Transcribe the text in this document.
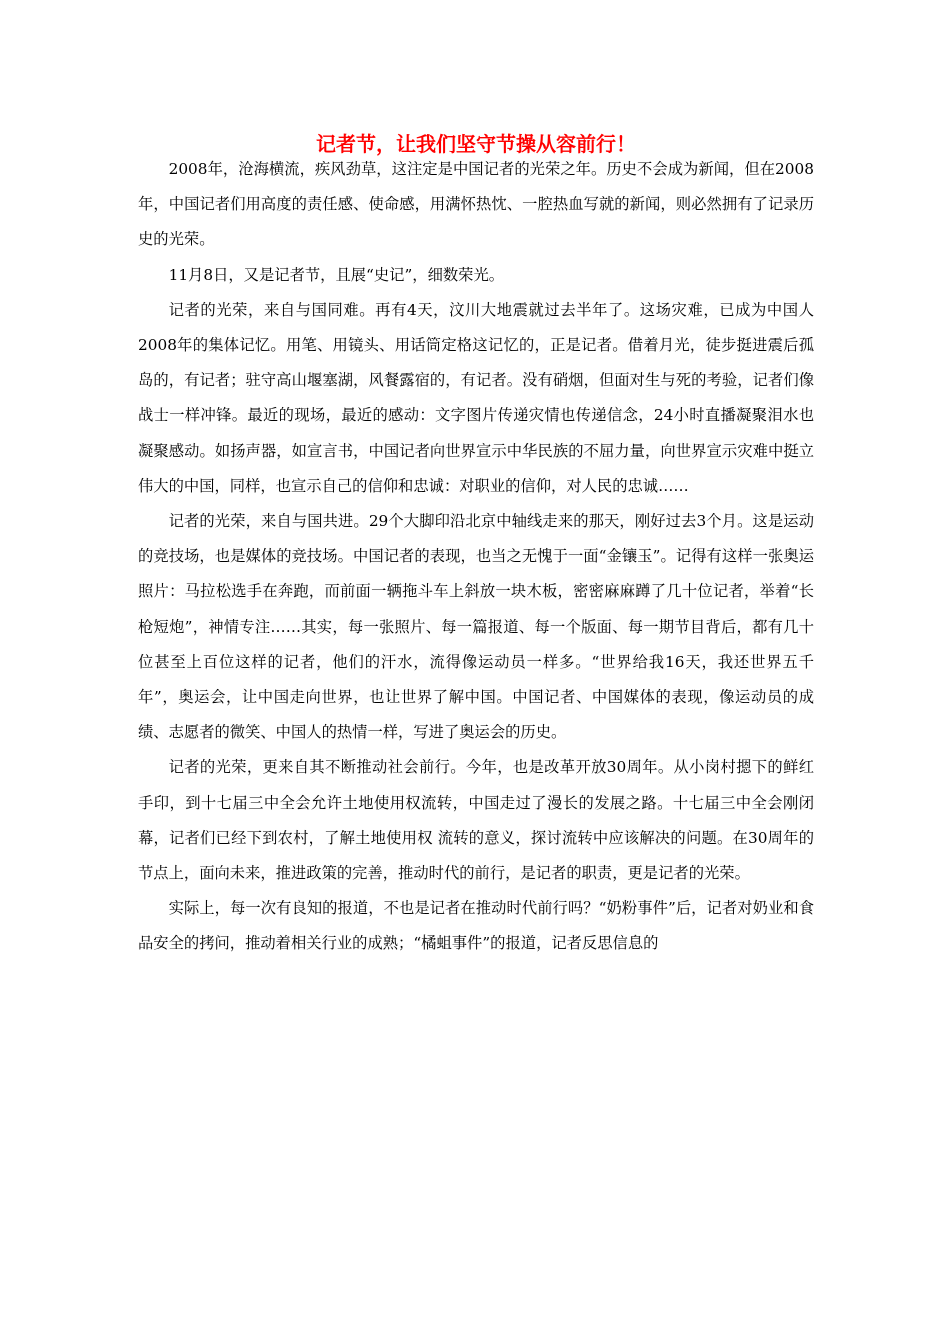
记者节，让我们坚守节操从容前行！

2008年，沧海横流，疾风劲草，这注定是中国记者的光荣之年。历史不会成为新闻，但在2008年，中国记者们用高度的责任感、使命感，用满怀热忱、一腔热血写就的新闻，则必然拥有了记录历史的光荣。

11月8日，又是记者节，且展“史记”，细数荣光。

记者的光荣，来自与国同难。再有4天，汶川大地震就过去半年了。这场灾难，已成为中国人2008年的集体记忆。用笔、用镜头、用话筒定格这记忆的，正是记者。借着月光，徒步挺进震后孤岛的，有记者；驻守高山堰塞湖，风餐露宿的，有记者。没有硝烟，但面对生与死的考验，记者们像战士一样冲锋。最近的现场，最近的感动：文字图片传递灾情也传递信念，24小时直播凝聚泪水也凝聚感动。如扬声器，如宣言书，中国记者向世界宣示中华民族的不屈力量，向世界宣示灾难中挺立伟大的中国，同样，也宣示自己的信仰和忠诚：对职业的信仰，对人民的忠诚……

记者的光荣，来自与国共进。29个大脚印沿北京中轴线走来的那天，刚好过去3个月。这是运动的竞技场，也是媒体的竞技场。中国记者的表现，也当之无愧于一面“金镶玉”。记得有这样一张奥运照片：马拉松选手在奔跑，而前面一辆拖斗车上斜放一块木板，密密麻麻蹲了几十位记者，举着“长枪短炮”，神情专注……其实，每一张照片、每一篇报道、每一个版面、每一期节目背后，都有几十位甚至上百位这样的记者，他们的汗水，流得像运动员一样多。“世界给我16天，我还世界五千年”，奥运会，让中国走向世界，也让世界了解中国。中国记者、中国媒体的表现，像运动员的成绩、志愿者的微笑、中国人的热情一样，写进了奥运会的历史。

记者的光荣，更来自其不断推动社会前行。今年，也是改革开放30周年。从小岗村摁下的鲜红手印，到十七届三中全会允许土地使用权流转，中国走过了漫长的发展之路。十七届三中全会刚闭幕，记者们已经下到农村，了解土地使用权 流转的意义，探讨流转中应该解决的问题。在30周年的节点上，面向未来，推进政策的完善，推动时代的前行，是记者的职责，更是记者的光荣。

实际上，每一次有良知的报道，不也是记者在推动时代前行吗？“奶粉事件”后，记者对奶业和食品安全的拷问，推动着相关行业的成熟；“橘蛆事件”的报道，记者反思信息的
